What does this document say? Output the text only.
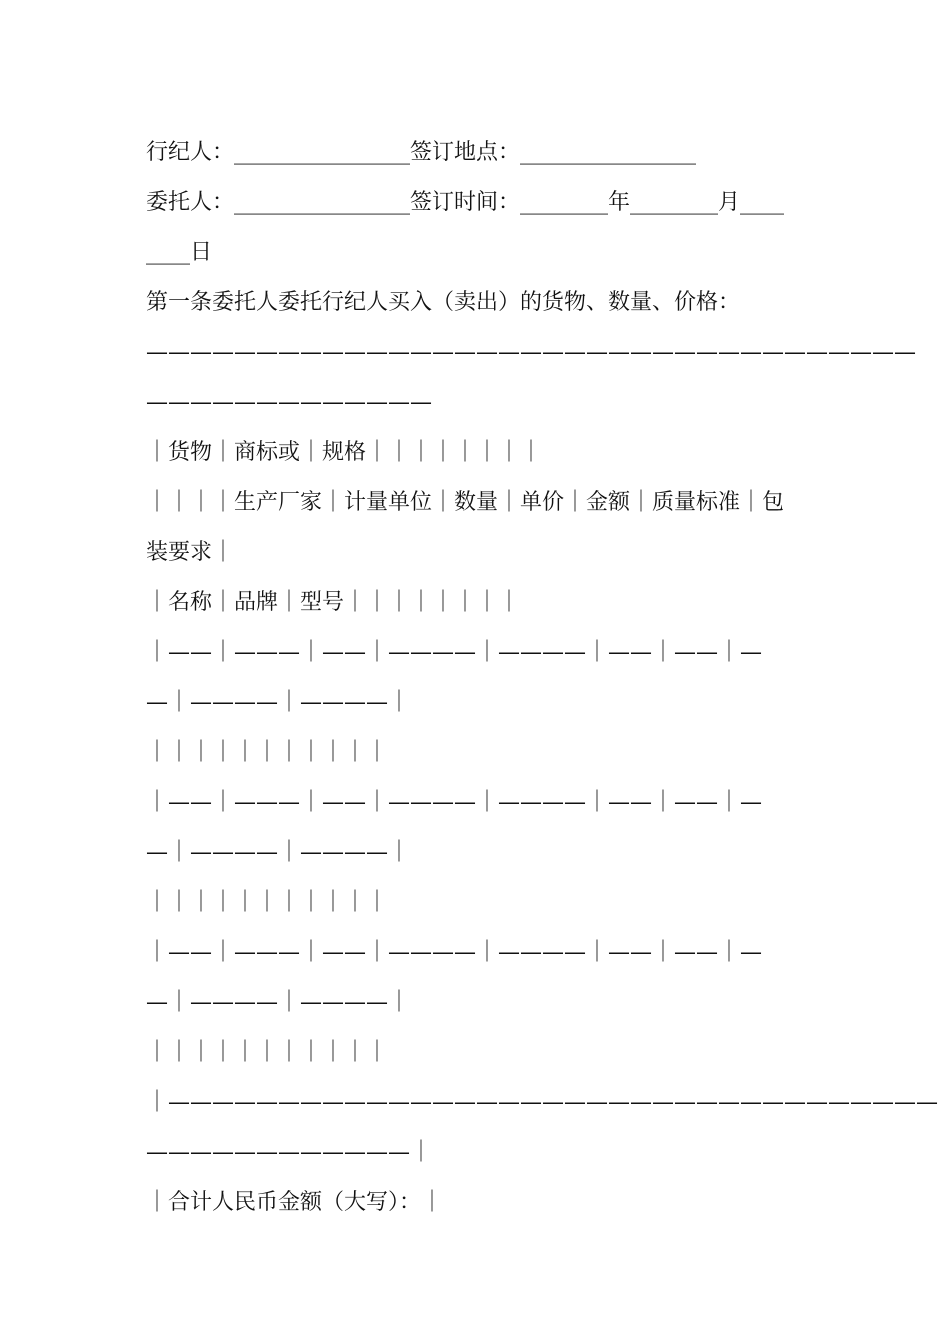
行纪人：________________签订地点：________________
委托人：________________签订时间：________年________月____
____日
第一条委托人委托行纪人买入（卖出）的货物、数量、价格：
———————————————————————————————————
—————————————
｜货物｜商标或｜规格｜｜｜｜｜｜｜｜
｜｜｜｜生产厂家｜计量单位｜数量｜单价｜金额｜质量标准｜包
装要求｜
｜名称｜品牌｜型号｜｜｜｜｜｜｜｜
｜——｜———｜——｜————｜————｜——｜——｜—
—｜————｜————｜
｜｜｜｜｜｜｜｜｜｜｜
｜——｜———｜——｜————｜————｜——｜——｜—
—｜————｜————｜
｜｜｜｜｜｜｜｜｜｜｜
｜——｜———｜——｜————｜————｜——｜——｜—
—｜————｜————｜
｜｜｜｜｜｜｜｜｜｜｜
｜———————————————————————————————————
————————————｜
｜合计人民币金额（大写）：｜
